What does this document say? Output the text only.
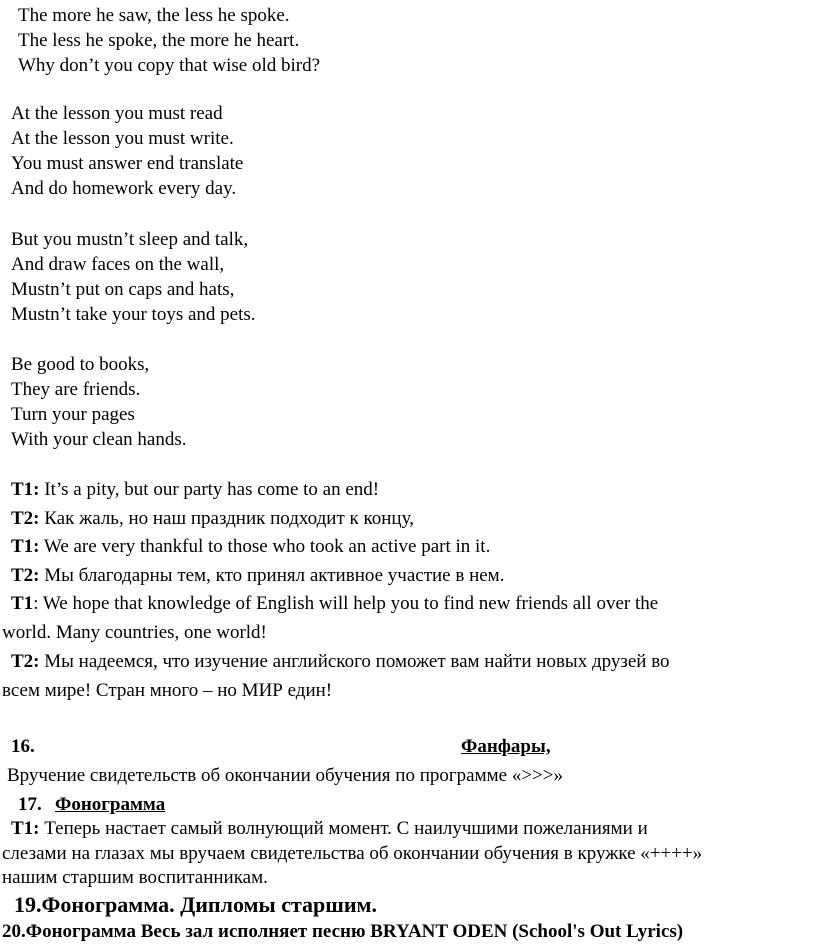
The more he saw, the less he spoke.
The less he spoke, the more he heart.
Why don’t you copy that wise old bird?
At the lesson you must read
At the lesson you must write.
You must answer end translate
And do homework every day.
But you mustn’t sleep and talk,
And draw faces on the wall,
Mustn’t put on caps and hats,
Mustn’t take your toys and pets.
Be good to books,
They are friends.
Turn your pages
With your clean hands.
T1: It’s a pity, but our party has come to an end!
T2: Как жаль, но наш праздник подходит к концу,
T1: We are very thankful to those who took an active part in it.
T2: Мы благодарны тем, кто принял активное участие в нем.
T1: We hope that knowledge of English will help you to find new friends all over the
world. Many countries, one world!
T2: Мы надеемся, что изучение английского поможет вам найти новых друзей во
всем мире! Стран много – но МИР един!
16.	Фанфары,
Вручение свидетельств об окончании обучения по программе «>>>»
17. Фонограмма
T1: Теперь настает самый волнующий момент. С наилучшими пожеланиями и
слезами на глазах мы вручаем свидетельства об окончании обучения в кружке «++++»
нашим старшим воспитанникам.
19.Фонограмма. Дипломы старшим.
20.Фонограмма Весь зал исполняет песню BRYANT ODEN (School's Out Lyrics)
